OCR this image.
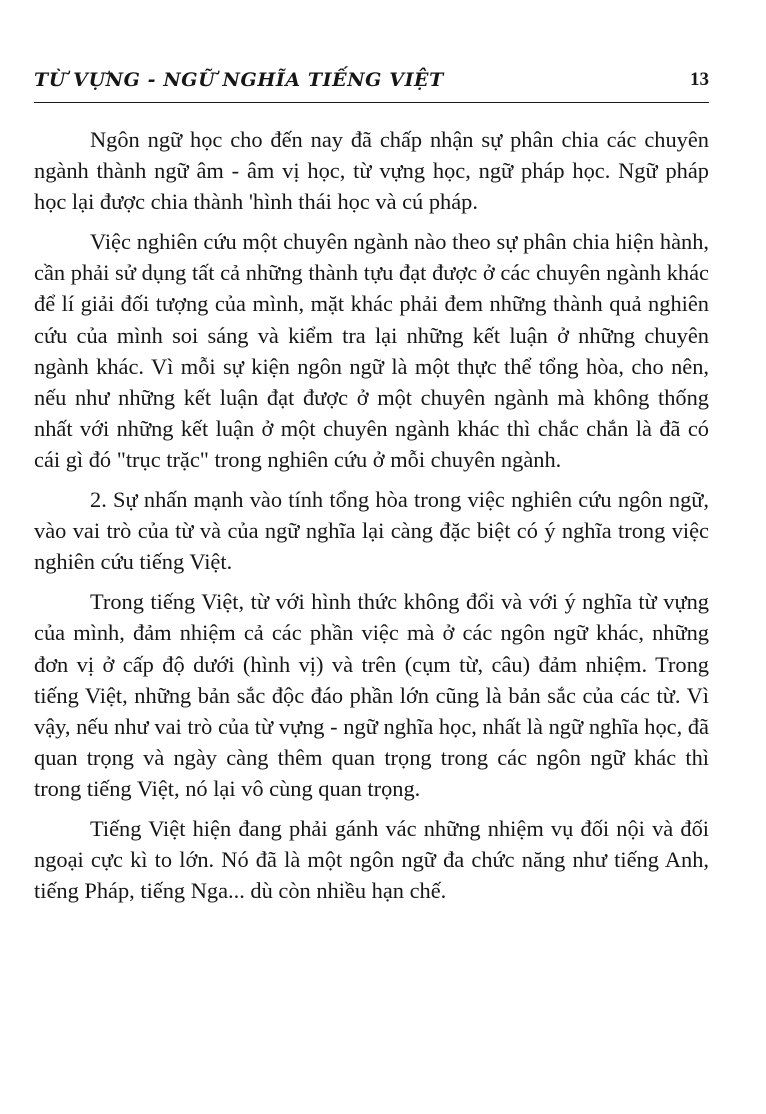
TỪ VỰNG - NGỮ NGHĨA TIẾNG VIỆT	13

Ngôn ngữ học cho đến nay đã chấp nhận sự phân chia các chuyên ngành thành ngữ âm - âm vị học, từ vựng học, ngữ pháp học. Ngữ pháp học lại được chia thành 'hình thái học và cú pháp.

Việc nghiên cứu một chuyên ngành nào theo sự phân chia hiện hành, cần phải sử dụng tất cả những thành tựu đạt được ở các chuyên ngành khác để lí giải đối tượng của mình, mặt khác phải đem những thành quả nghiên cứu của mình soi sáng và kiểm tra lại những kết luận ở những chuyên ngành khác. Vì mỗi sự kiện ngôn ngữ là một thực thể tổng hòa, cho nên, nếu như những kết luận đạt được ở một chuyên ngành mà không thống nhất với những kết luận ở một chuyên ngành khác thì chắc chắn là đã có cái gì đó "trục trặc" trong nghiên cứu ở mỗi chuyên ngành.

2. Sự nhấn mạnh vào tính tổng hòa trong việc nghiên cứu ngôn ngữ, vào vai trò của từ và của ngữ nghĩa lại càng đặc biệt có ý nghĩa trong việc nghiên cứu tiếng Việt.

Trong tiếng Việt, từ với hình thức không đổi và với ý nghĩa từ vựng của mình, đảm nhiệm cả các phần việc mà ở các ngôn ngữ khác, những đơn vị ở cấp độ dưới (hình vị) và trên (cụm từ, câu) đảm nhiệm. Trong tiếng Việt, những bản sắc độc đáo phần lớn cũng là bản sắc của các từ. Vì vậy, nếu như vai trò của từ vựng - ngữ nghĩa học, nhất là ngữ nghĩa học, đã quan trọng và ngày càng thêm quan trọng trong các ngôn ngữ khác thì trong tiếng Việt, nó lại vô cùng quan trọng.

Tiếng Việt hiện đang phải gánh vác những nhiệm vụ đối nội và đối ngoại cực kì to lớn. Nó đã là một ngôn ngữ đa chức năng như tiếng Anh, tiếng Pháp, tiếng Nga... dù còn nhiều hạn chế.
